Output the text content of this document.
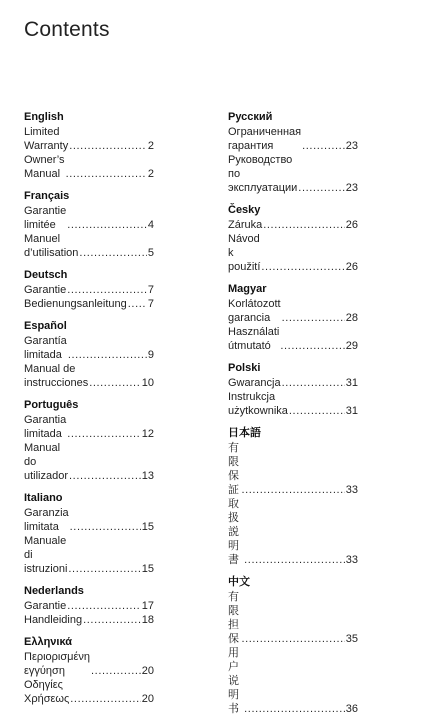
Contents
English
Limited Warranty .....	2
Owner’s Manual .....	2
Français
Garantie limitée .....	4
Manuel d’utilisation .....	5
Deutsch
Garantie .....	7
Bedienungsanleitung ..... 7
Español
Garantía limitada .....	9
Manual de instrucciones .....	10
Português
Garantia limitada .....	12
Manual do utilizador .....	13
Italiano
Garanzia limitata .....	15
Manuale di istruzioni .....	15
Nederlands
Garantie .....	17
Handleiding .....	18
Ελληνικά
Περιορισμένη εγγύηση .....	20
Οδηγίες Χρήσεως .....	20
Русский
Ограниченная гарантия .....	23
Руководство по эксплуатации .....	23
Česky
Záruka .....	26
Návod k použití .....	26
Magyar
Korlátozott garancia .....	28
Használati útmutató .....	29
Polski
Gwarancja .....	31
Instrukcja użytkownika .....	31
日本語
有限保証 .....	33
取扱説明書 .....	33
中文
有限担保 .....	35
用户说明书 .....	36
